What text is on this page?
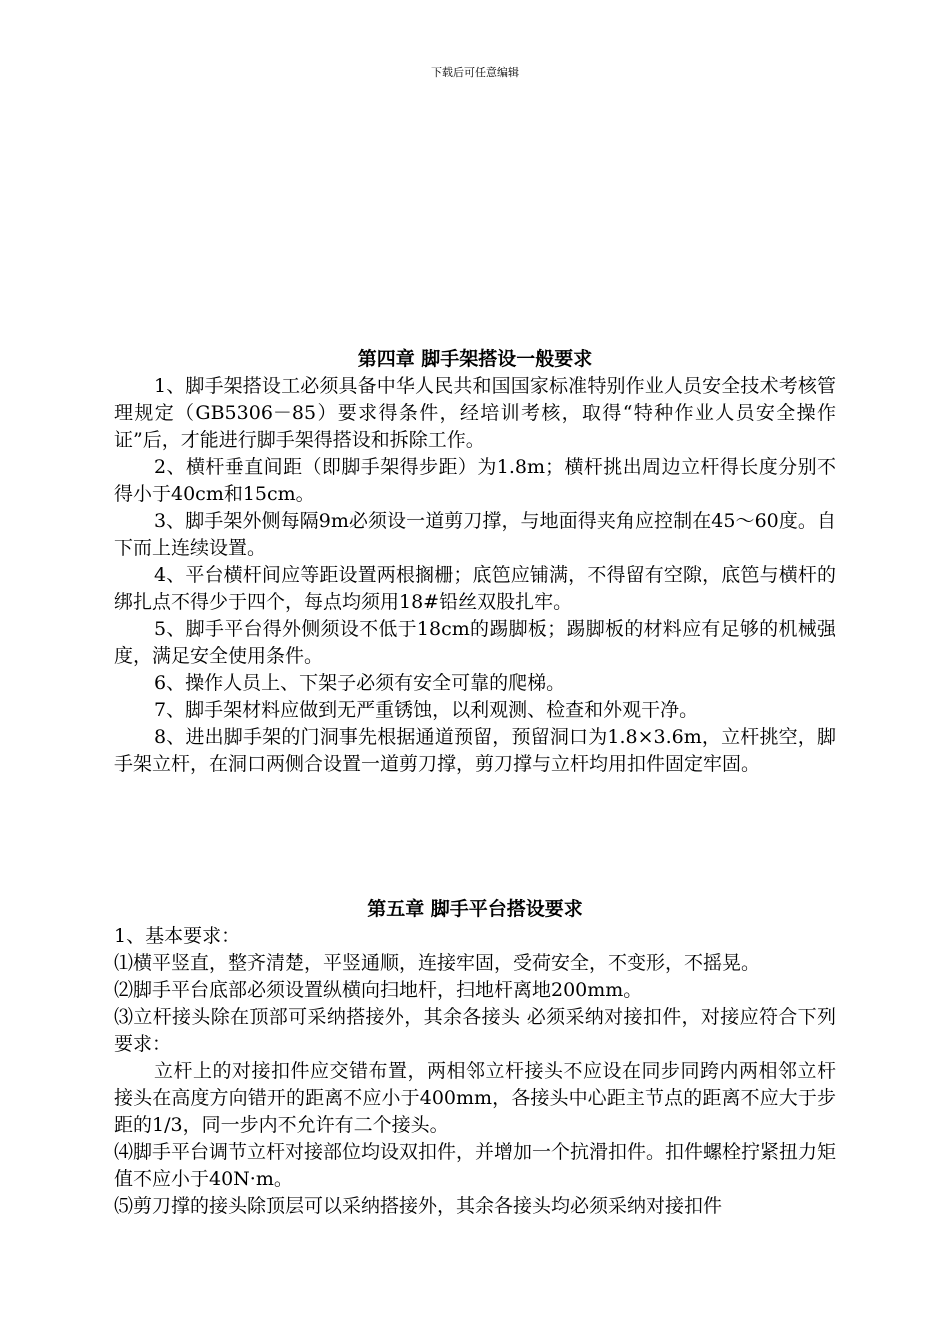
下载后可任意编辑

第四章 脚手架搭设一般要求

1、脚手架搭设工必须具备中华人民共和国国家标准特别作业人员安全技术考核管理规定（GB5306－85）要求得条件，经培训考核，取得“特种作业人员安全操作证”后，才能进行脚手架得搭设和拆除工作。

2、横杆垂直间距（即脚手架得步距）为1.8m；横杆挑出周边立杆得长度分别不得小于40cm和15cm。

3、脚手架外侧每隔9m必须设一道剪刀撑，与地面得夹角应控制在45～60度。自下而上连续设置。

4、平台横杆间应等距设置两根搁栅；底笆应铺满，不得留有空隙，底笆与横杆的绑扎点不得少于四个，每点均须用18#铅丝双股扎牢。

5、脚手平台得外侧须设不低于18cm的踢脚板；踢脚板的材料应有足够的机械强度，满足安全使用条件。

6、操作人员上、下架子必须有安全可靠的爬梯。

7、脚手架材料应做到无严重锈蚀，以利观测、检查和外观干净。

8、进出脚手架的门洞事先根据通道预留，预留洞口为1.8×3.6m，立杆挑空，脚手架立杆，在洞口两侧合设置一道剪刀撑，剪刀撑与立杆均用扣件固定牢固。

第五章 脚手平台搭设要求

1、基本要求：

⑴横平竖直，整齐清楚，平竖通顺，连接牢固，受荷安全，不变形，不摇晃。

⑵脚手平台底部必须设置纵横向扫地杆，扫地杆离地200mm。

⑶立杆接头除在顶部可采纳搭接外，其余各接头 必须采纳对接扣件，对接应符合下列要求：

立杆上的对接扣件应交错布置，两相邻立杆接头不应设在同步同跨内两相邻立杆接头在高度方向错开的距离不应小于400mm，各接头中心距主节点的距离不应大于步距的1/3，同一步内不允许有二个接头。

⑷脚手平台调节立杆对接部位均设双扣件，并增加一个抗滑扣件。扣件螺栓拧紧扭力矩值不应小于40N·m。

⑸剪刀撑的接头除顶层可以采纳搭接外，其余各接头均必须采纳对接扣件
